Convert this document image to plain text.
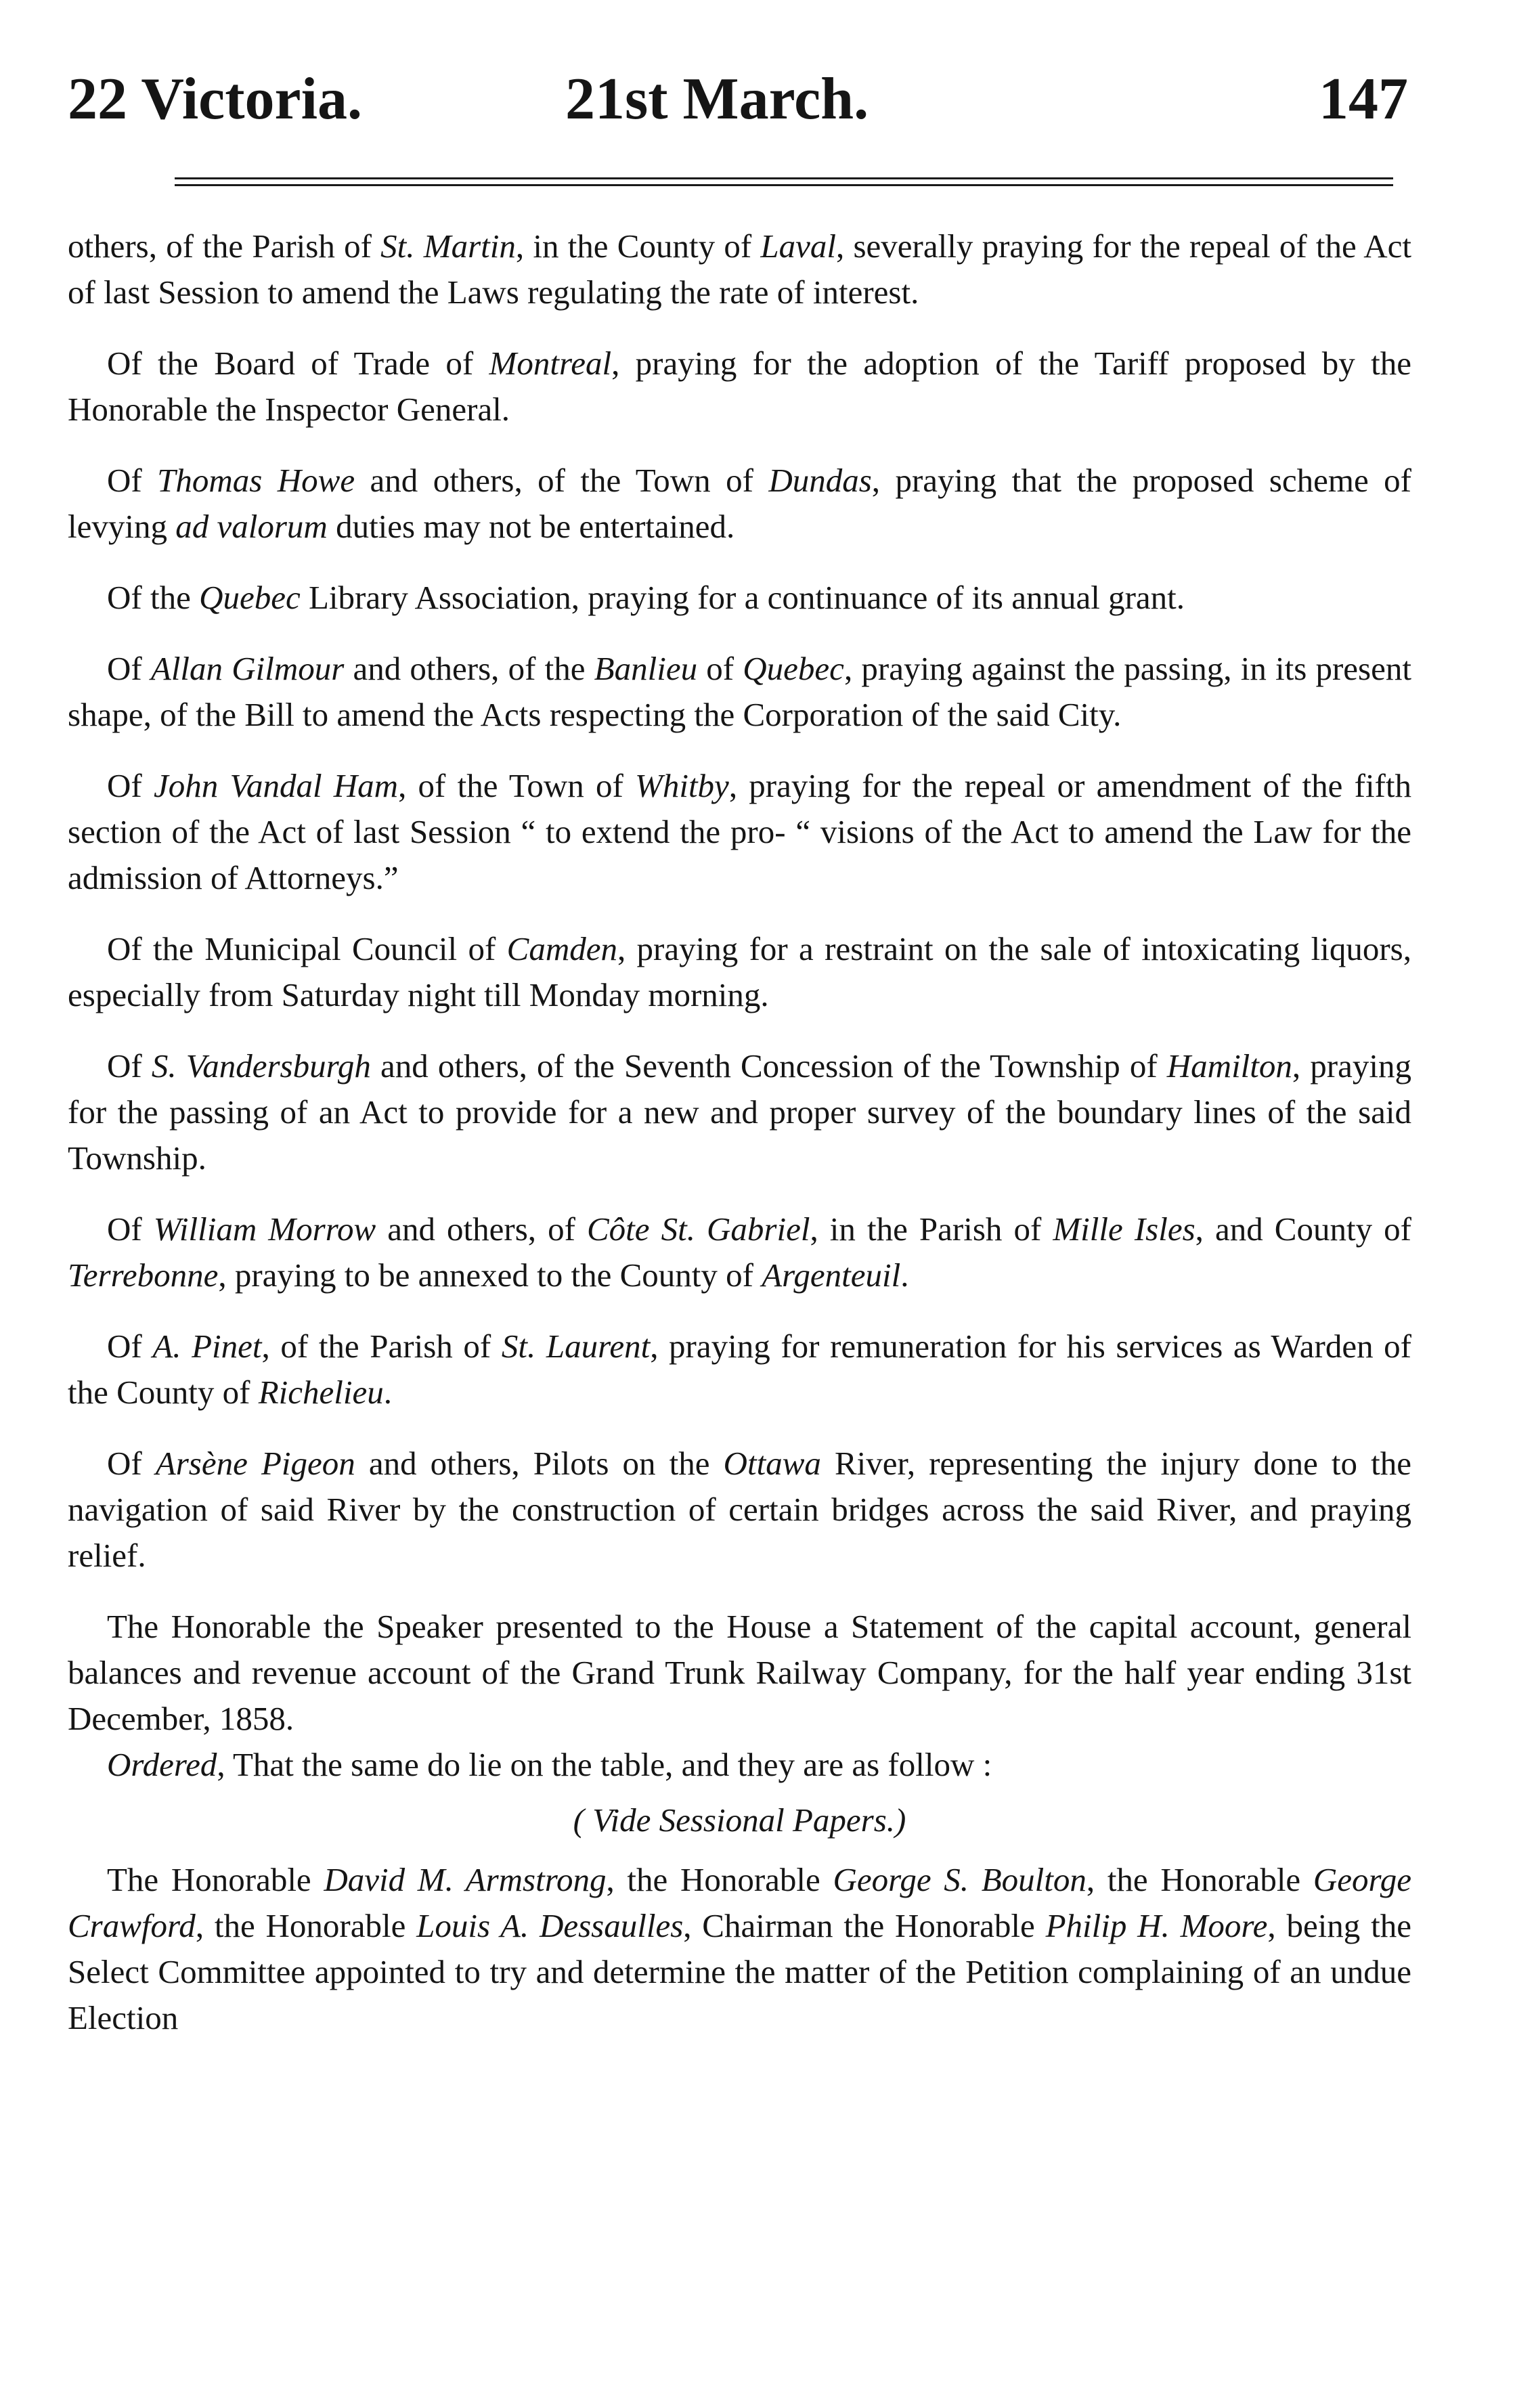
22 Victoria.	21st March.	147

others, of the Parish of St. Martin, in the County of Laval, severally praying for the repeal of the Act of last Session to amend the Laws regulating the rate of interest.

Of the Board of Trade of Montreal, praying for the adoption of the Tariff proposed by the Honorable the Inspector General.

Of Thomas Howe and others, of the Town of Dundas, praying that the proposed scheme of levying ad valorum duties may not be entertained.

Of the Quebec Library Association, praying for a continuance of its annual grant.

Of Allan Gilmour and others, of the Banlieu of Quebec, praying against the passing, in its present shape, of the Bill to amend the Acts respecting the Corporation of the said City.

Of John Vandal Ham, of the Town of Whitby, praying for the repeal or amendment of the fifth section of the Act of last Session “ to extend the pro- “ visions of the Act to amend the Law for the admission of Attorneys.”

Of the Municipal Council of Camden, praying for a restraint on the sale of intoxicating liquors, especially from Saturday night till Monday morning.

Of S. Vandersburgh and others, of the Seventh Concession of the Township of Hamilton, praying for the passing of an Act to provide for a new and proper survey of the boundary lines of the said Township.

Of William Morrow and others, of Côte St. Gabriel, in the Parish of Mille Isles, and County of Terrebonne, praying to be annexed to the County of Argenteuil.

Of A. Pinet, of the Parish of St. Laurent, praying for remuneration for his services as Warden of the County of Richelieu.

Of Arsène Pigeon and others, Pilots on the Ottawa River, representing the injury done to the navigation of said River by the construction of certain bridges across the said River, and praying relief.

The Honorable the Speaker presented to the House a Statement of the capital account, general balances and revenue account of the Grand Trunk Railway Company, for the half year ending 31st December, 1858.

Ordered, That the same do lie on the table, and they are as follow :

( Vide Sessional Papers.)

The Honorable David M. Armstrong, the Honorable George S. Boulton, the Honorable George Crawford, the Honorable Louis A. Dessaulles, Chairman the Honorable Philip H. Moore, being the Select Committee appointed to try and determine the matter of the Petition complaining of an undue Election
